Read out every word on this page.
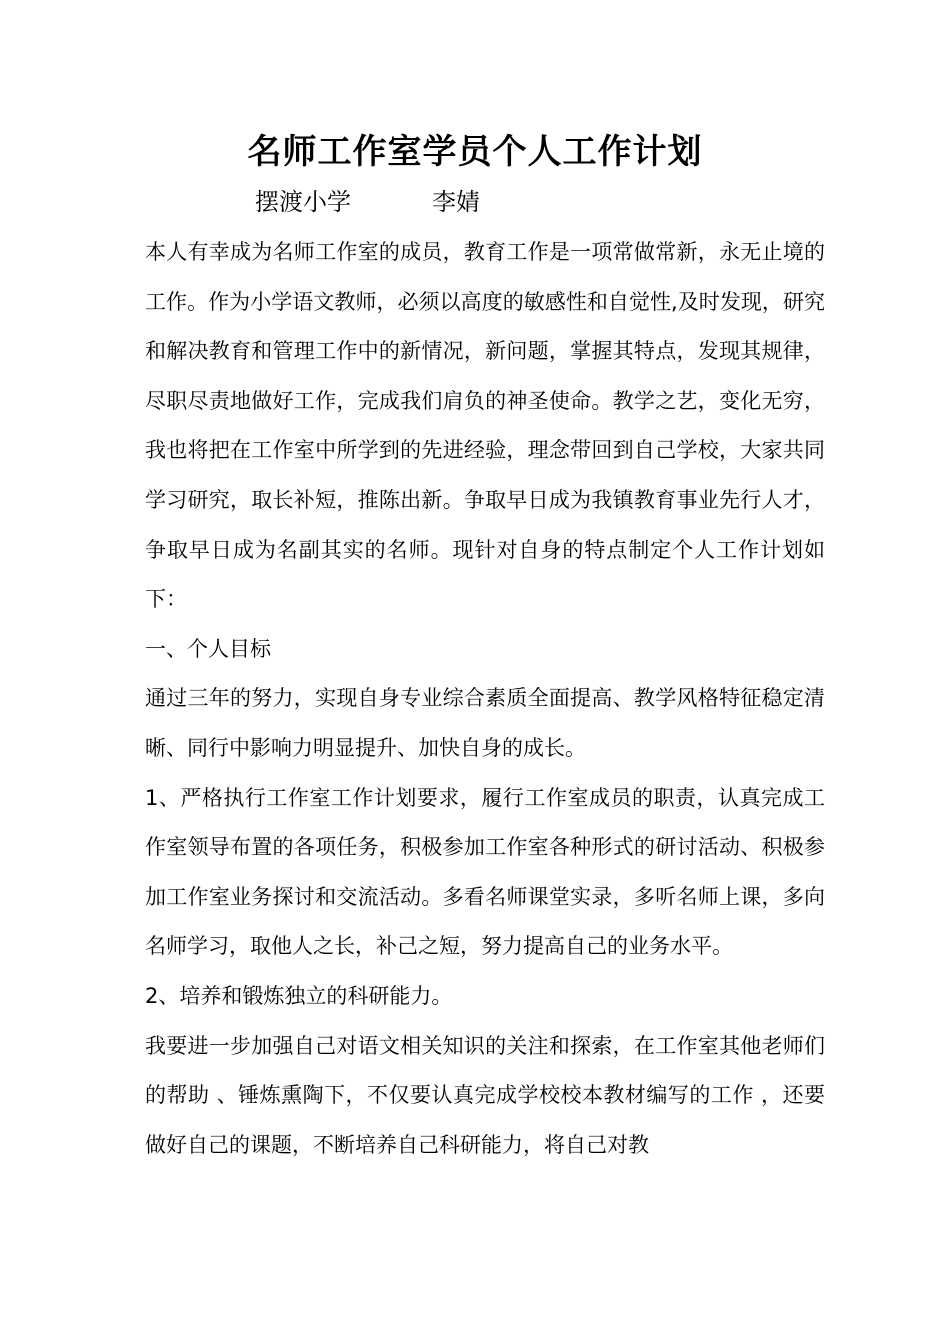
名师工作室学员个人工作计划
摆渡小学	李婧

本人有幸成为名师工作室的成员，教育工作是一项常做常新，永无止境的工作。作为小学语文教师，必须以高度的敏感性和自觉性,及时发现，研究和解决教育和管理工作中的新情况，新问题，掌握其特点，发现其规律，尽职尽责地做好工作，完成我们肩负的神圣使命。教学之艺，变化无穷，我也将把在工作室中所学到的先进经验，理念带回到自己学校，大家共同学习研究，取长补短，推陈出新。争取早日成为我镇教育事业先行人才，争取早日成为名副其实的名师。现针对自身的特点制定个人工作计划如下：

一、个人目标

通过三年的努力，实现自身专业综合素质全面提高、教学风格特征稳定清晰、同行中影响力明显提升、加快自身的成长。

1、严格执行工作室工作计划要求，履行工作室成员的职责，认真完成工作室领导布置的各项任务，积极参加工作室各种形式的研讨活动、积极参加工作室业务探讨和交流活动。多看名师课堂实录，多听名师上课，多向名师学习，取他人之长，补己之短，努力提高自己的业务水平。

2、培养和锻炼独立的科研能力。

我要进一步加强自己对语文相关知识的关注和探索，在工作室其他老师们的帮助 、锤炼熏陶下，不仅要认真完成学校校本教材编写的工作 ，还要做好自己的课题，不断培养自己科研能力，将自己对教
